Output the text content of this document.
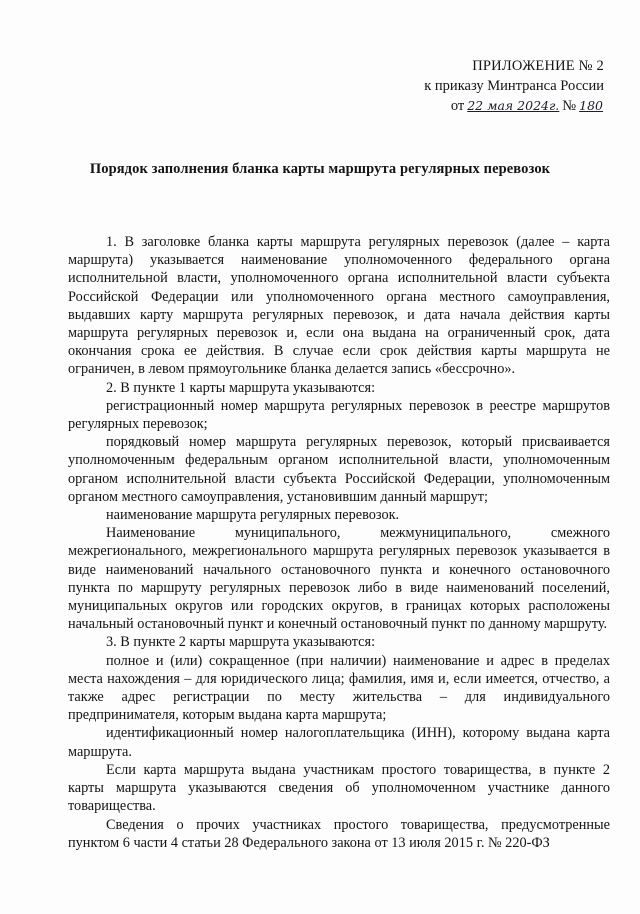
ПРИЛОЖЕНИЕ № 2
к приказу Минтранса России
от 22 мая 2024г. № 180
Порядок заполнения бланка карты маршрута регулярных перевозок

1. В заголовке бланка карты маршрута регулярных перевозок (далее – карта маршрута) указывается наименование уполномоченного федерального органа исполнительной власти, уполномоченного органа исполнительной власти субъекта Российской Федерации или уполномоченного органа местного самоуправления, выдавших карту маршрута регулярных перевозок, и дата начала действия карты маршрута регулярных перевозок и, если она выдана на ограниченный срок, дата окончания срока ее действия. В случае если срок действия карты маршрута не ограничен, в левом прямоугольнике бланка делается запись «бессрочно».

2. В пункте 1 карты маршрута указываются:

регистрационный номер маршрута регулярных перевозок в реестре маршрутов регулярных перевозок;

порядковый номер маршрута регулярных перевозок, который присваивается уполномоченным федеральным органом исполнительной власти, уполномоченным органом исполнительной власти субъекта Российской Федерации, уполномоченным органом местного самоуправления, установившим данный маршрут;

наименование маршрута регулярных перевозок.

Наименование муниципального, межмуниципального, смежного межрегионального, межрегионального маршрута регулярных перевозок указывается в виде наименований начального остановочного пункта и конечного остановочного пункта по маршруту регулярных перевозок либо в виде наименований поселений, муниципальных округов или городских округов, в границах которых расположены начальный остановочный пункт и конечный остановочный пункт по данному маршруту.

3. В пункте 2 карты маршрута указываются:

полное и (или) сокращенное (при наличии) наименование и адрес в пределах места нахождения – для юридического лица; фамилия, имя и, если имеется, отчество, а также адрес регистрации по месту жительства – для индивидуального предпринимателя, которым выдана карта маршрута;

идентификационный номер налогоплательщика (ИНН), которому выдана карта маршрута.

Если карта маршрута выдана участникам простого товарищества, в пункте 2 карты маршрута указываются сведения об уполномоченном участнике данного товарищества.

Сведения о прочих участниках простого товарищества, предусмотренные пунктом 6 части 4 статьи 28 Федерального закона от 13 июля 2015 г. № 220-ФЗ
